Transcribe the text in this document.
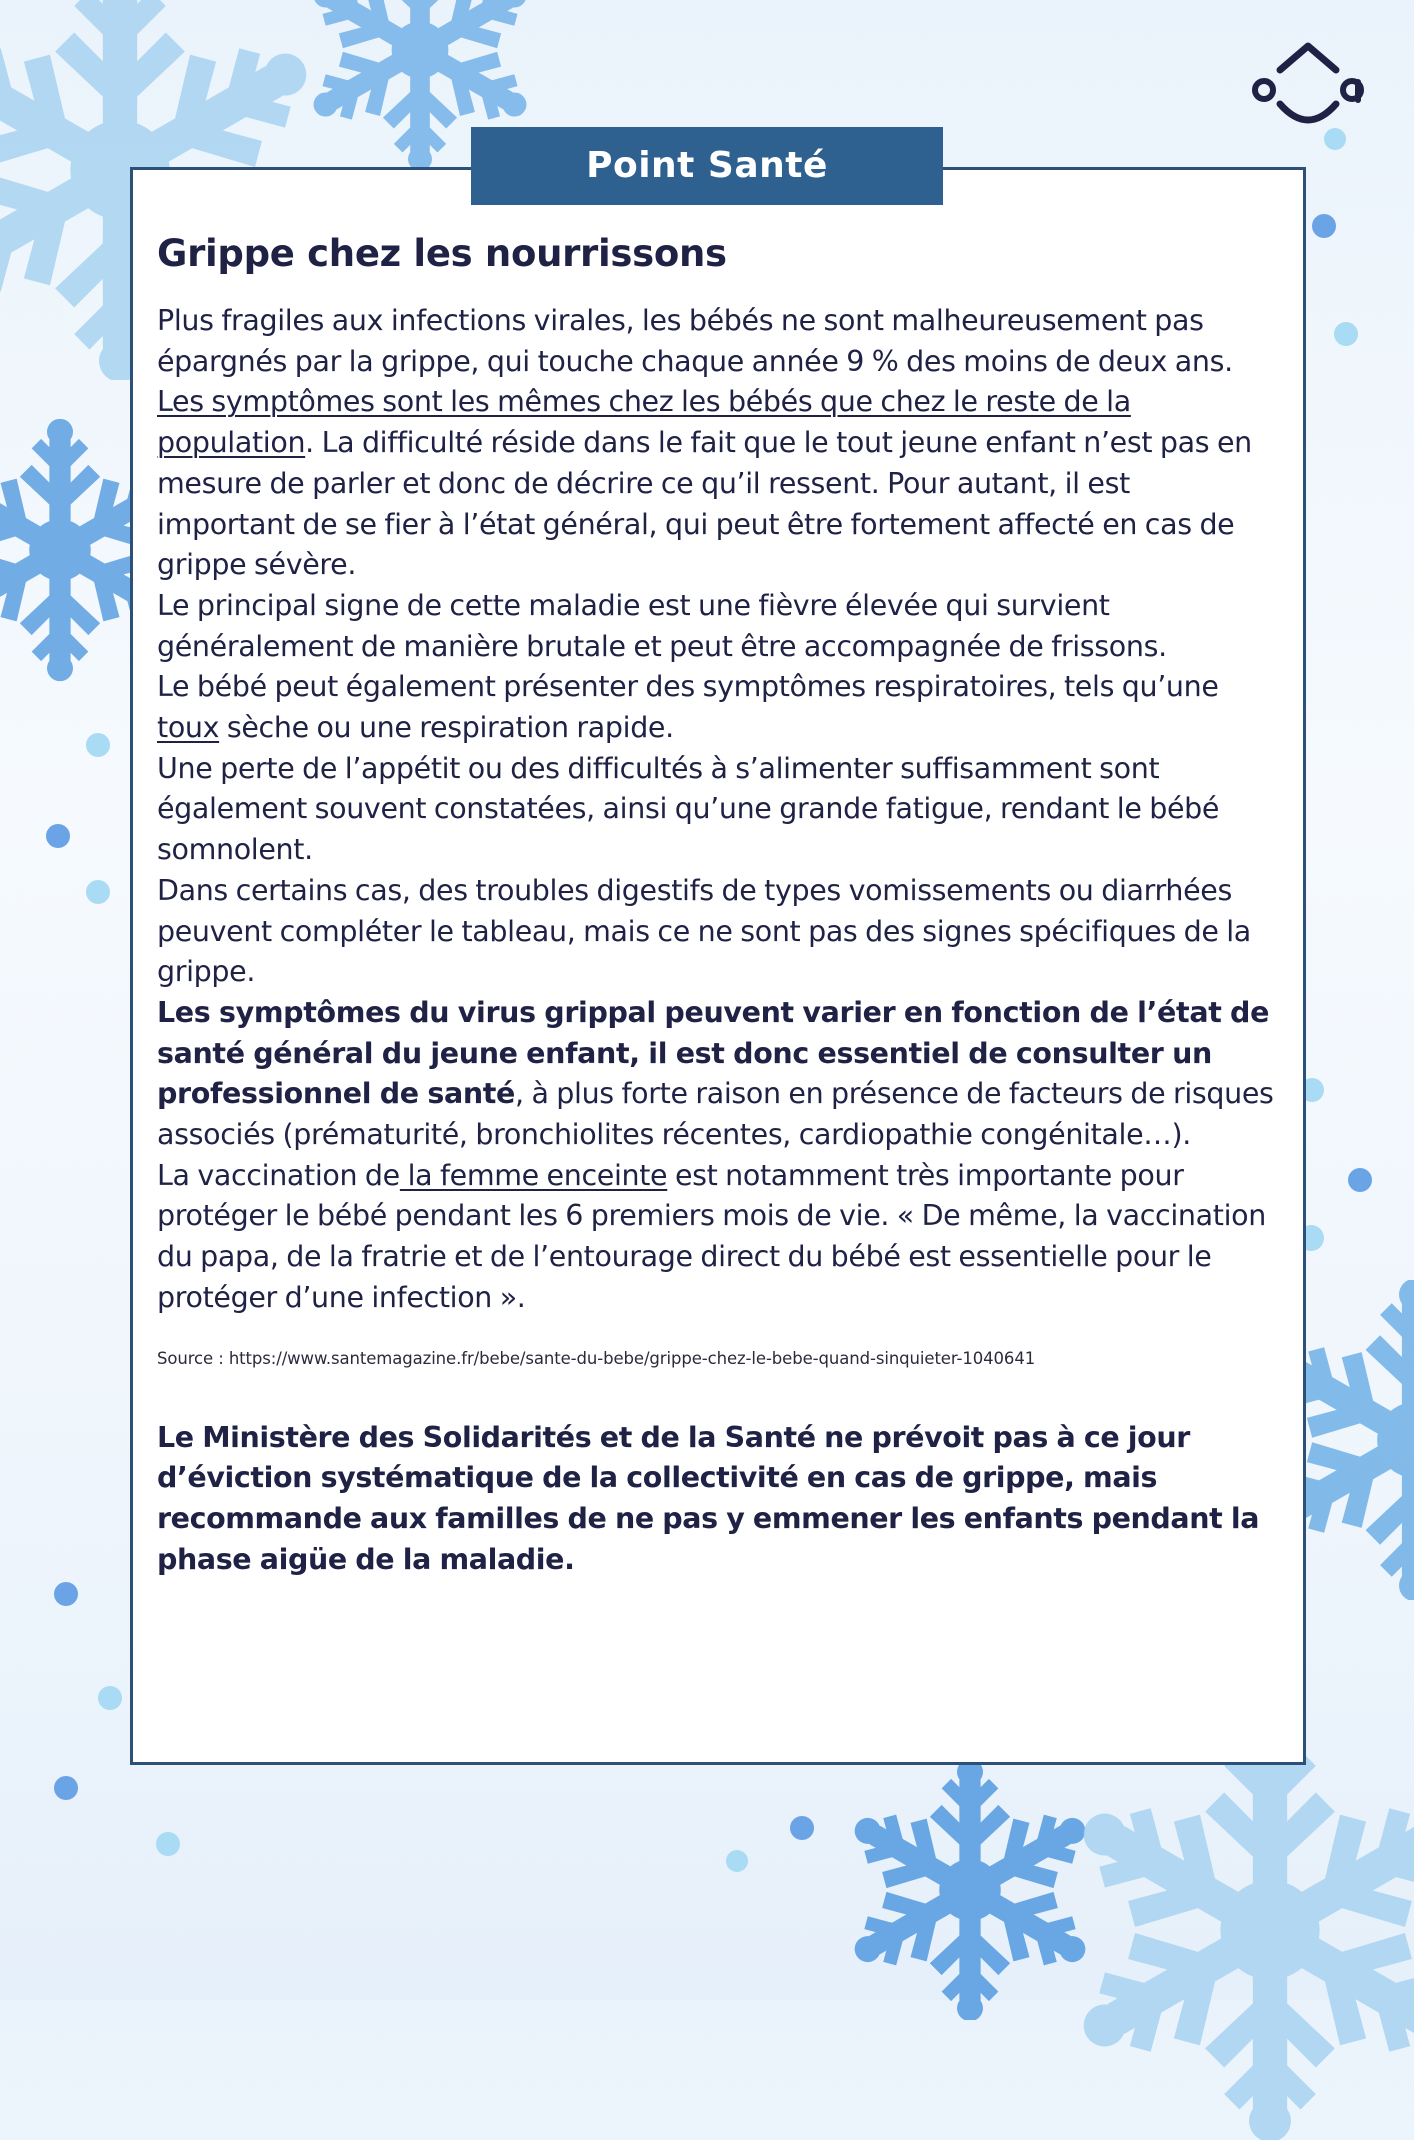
Point Santé
Grippe chez les nourrissons

Plus fragiles aux infections virales, les bébés ne sont malheureusement pas épargnés par la grippe, qui touche chaque année 9 % des moins de deux ans.

Les symptômes sont les mêmes chez les bébés que chez le reste de la population. La difficulté réside dans le fait que le tout jeune enfant n’est pas en mesure de parler et donc de décrire ce qu’il ressent. Pour autant, il est important de se fier à l’état général, qui peut être fortement affecté en cas de grippe sévère.

Le principal signe de cette maladie est une fièvre élevée qui survient généralement de manière brutale et peut être accompagnée de frissons.

Le bébé peut également présenter des symptômes respiratoires, tels qu’une toux sèche ou une respiration rapide.

Une perte de l’appétit ou des difficultés à s’alimenter suffisamment sont également souvent constatées, ainsi qu’une grande fatigue, rendant le bébé somnolent.

Dans certains cas, des troubles digestifs de types vomissements ou diarrhées peuvent compléter le tableau, mais ce ne sont pas des signes spécifiques de la grippe.

Les symptômes du virus grippal peuvent varier en fonction de l’état de santé général du jeune enfant, il est donc essentiel de consulter un professionnel de santé, à plus forte raison en présence de facteurs de risques associés (prématurité, bronchiolites récentes, cardiopathie congénitale…).

La vaccination de la femme enceinte est notamment très importante pour protéger le bébé pendant les 6 premiers mois de vie. « De même, la vaccination du papa, de la fratrie et de l’entourage direct du bébé est essentielle pour le protéger d’une infection ».

Source : https://www.santemagazine.fr/bebe/sante-du-bebe/grippe-chez-le-bebe-quand-sinquieter-1040641
Le Ministère des Solidarités et de la Santé ne prévoit pas à ce jour d’éviction systématique de la collectivité en cas de grippe, mais recommande aux familles de ne pas y emmener les enfants pendant la phase aigüe de la maladie.
